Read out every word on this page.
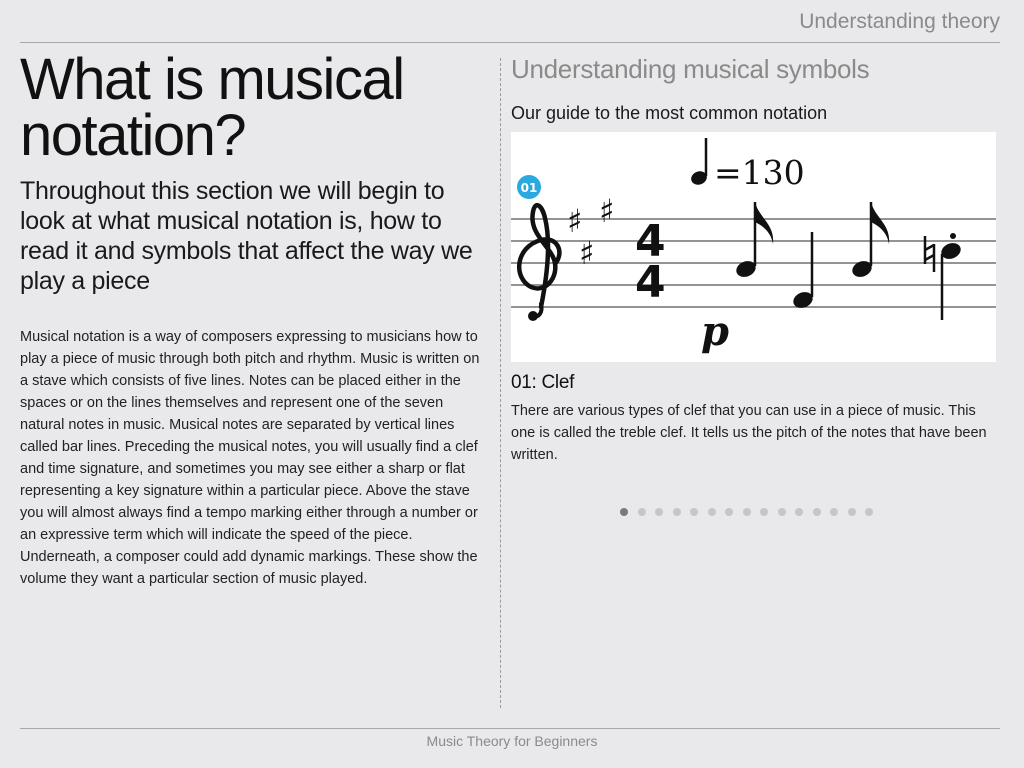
Understanding theory
What is musical
notation?
Throughout this section we will begin to look at what musical notation is, how to read it and symbols that affect the way we play a piece
Musical notation is a way of composers expressing to musicians how to play a piece of music through both pitch and rhythm. Music is written on a stave which consists of five lines. Notes can be placed either in the spaces or on the lines themselves and represent one of the seven natural notes in music. Musical notes are separated by vertical lines called bar lines. Preceding the musical notes, you will usually find a clef and time signature, and sometimes you may see either a sharp or flat representing a key signature within a particular piece. Above the stave you will almost always find a tempo marking either through a number or an expressive term which will indicate the speed of the piece. Underneath, a composer could add dynamic markings. These show the volume they want a particular section of music played.
Understanding musical symbols
Our guide to the most common notation
=130
01
♯ ♯
♯ 4
4
p
01: Clef
There are various types of clef that you can use in a piece of music. This one is called the treble clef. It tells us the pitch of the notes that have been written.
Music Theory for Beginners
